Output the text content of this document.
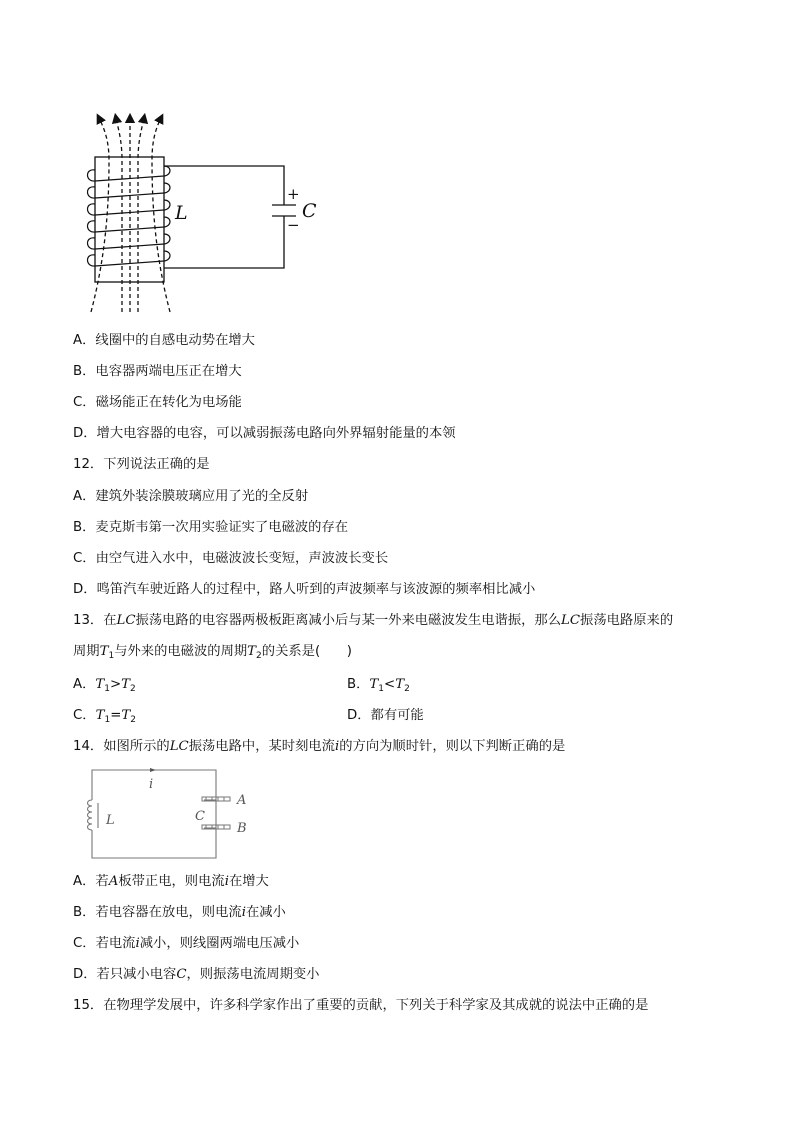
L	C
+
−
A．线圈中的自感电动势在增大
B．电容器两端电压正在增大
C．磁场能正在转化为电场能
D．增大电容器的电容，可以减弱振荡电路向外界辐射能量的本领
12．下列说法正确的是
A．建筑外装涂膜玻璃应用了光的全反射
B．麦克斯韦第一次用实验证实了电磁波的存在
C．由空气进入水中，电磁波波长变短，声波波长变长
D．鸣笛汽车驶近路人的过程中，路人听到的声波频率与该波源的频率相比减小
13．在LC振荡电路的电容器两极板距离减小后与某一外来电磁波发生电谐振，那么LC振荡电路原来的
周期$T_1$与外来的电磁波的周期$T_2$的关系是(　　)
A．$T_1>T_2$	B．$T_1<T_2$
C．$T_1=T_2$	D．都有可能
14．如图所示的LC振荡电路中，某时刻电流i的方向为顺时针，则以下判断正确的是
i
L	C
A
B
A．若A板带正电，则电流i在增大
B．若电容器在放电，则电流i在减小
C．若电流i减小，则线圈两端电压减小
D．若只减小电容C，则振荡电流周期变小
15．在物理学发展中，许多科学家作出了重要的贡献，下列关于科学家及其成就的说法中正确的是
